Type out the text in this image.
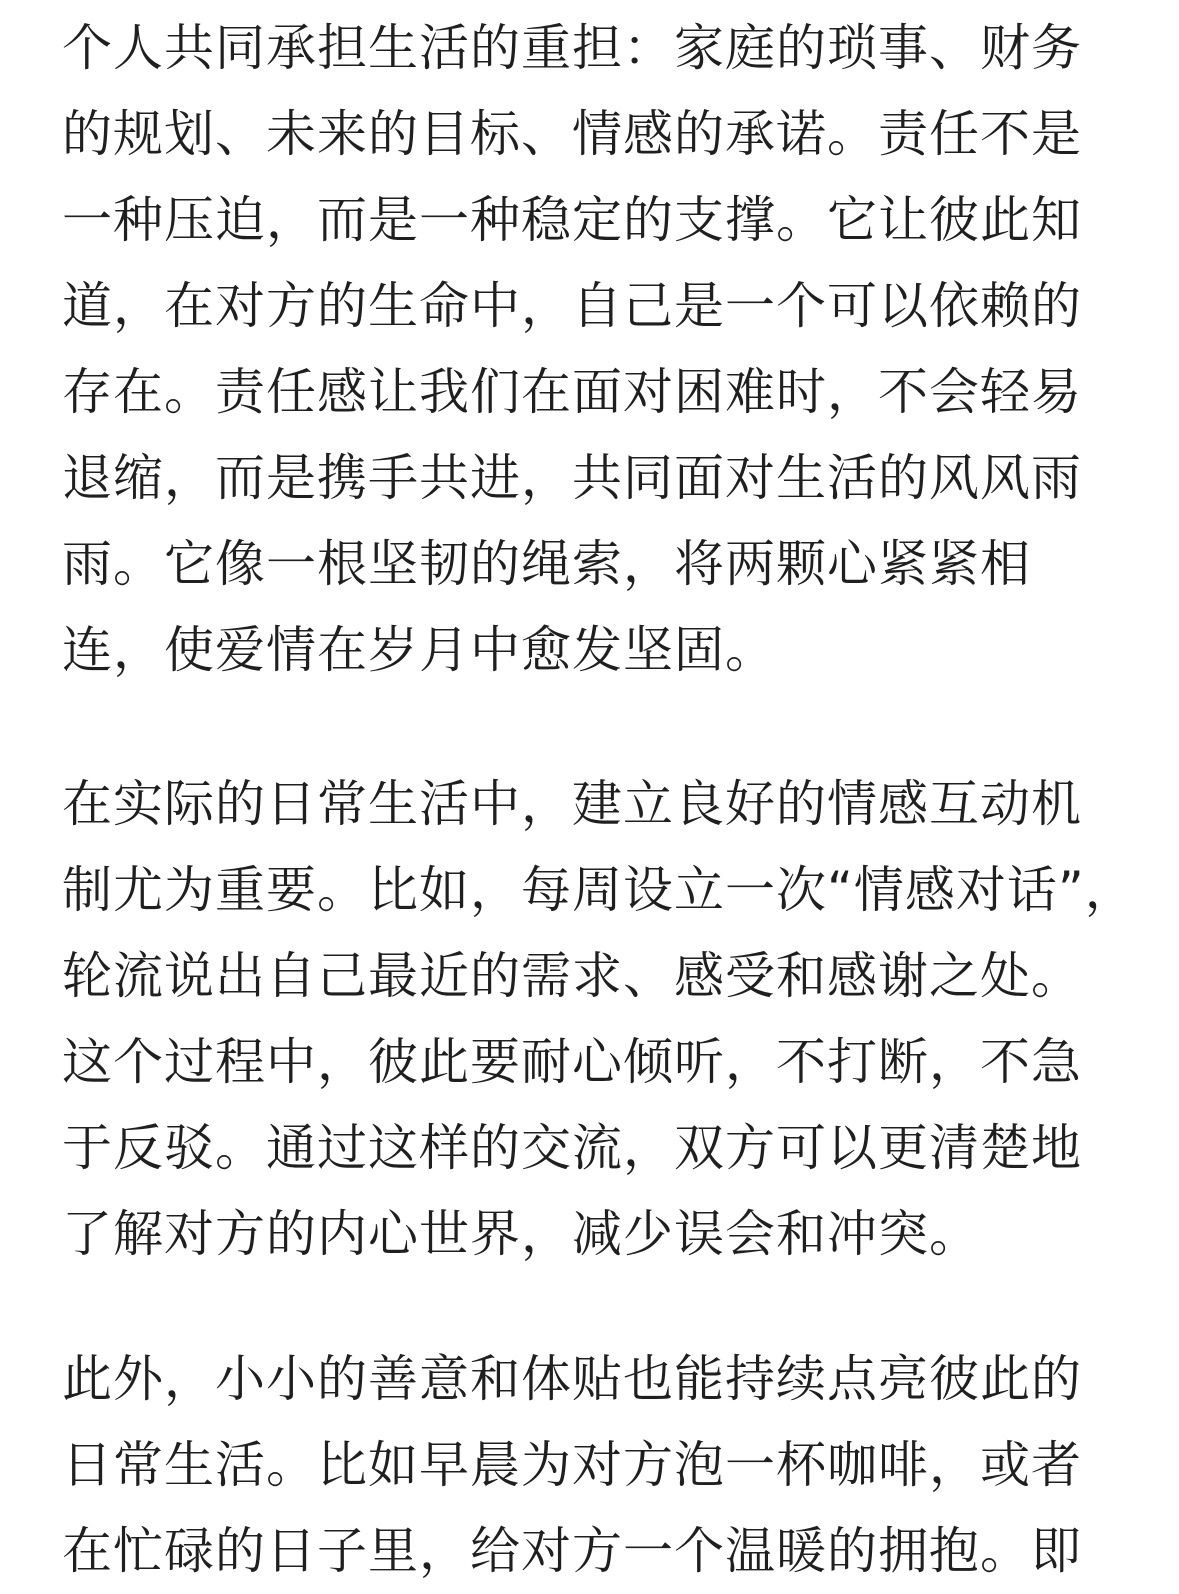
个人共同承担生活的重担：家庭的琐事、财务
的规划、未来的目标、情感的承诺。责任不是
一种压迫，而是一种稳定的支撑。它让彼此知
道，在对方的生命中，自己是一个可以依赖的
存在。责任感让我们在面对困难时，不会轻易
退缩，而是携手共进，共同面对生活的风风雨
雨。它像一根坚韧的绳索，将两颗心紧紧相
连，使爱情在岁月中愈发坚固。
在实际的日常生活中，建立良好的情感互动机
制尤为重要。比如，每周设立一次“情感对话”，
轮流说出自己最近的需求、感受和感谢之处。
这个过程中，彼此要耐心倾听，不打断，不急
于反驳。通过这样的交流，双方可以更清楚地
了解对方的内心世界，减少误会和冲突。
此外，小小的善意和体贴也能持续点亮彼此的
日常生活。比如早晨为对方泡一杯咖啡，或者
在忙碌的日子里，给对方一个温暖的拥抱。即
